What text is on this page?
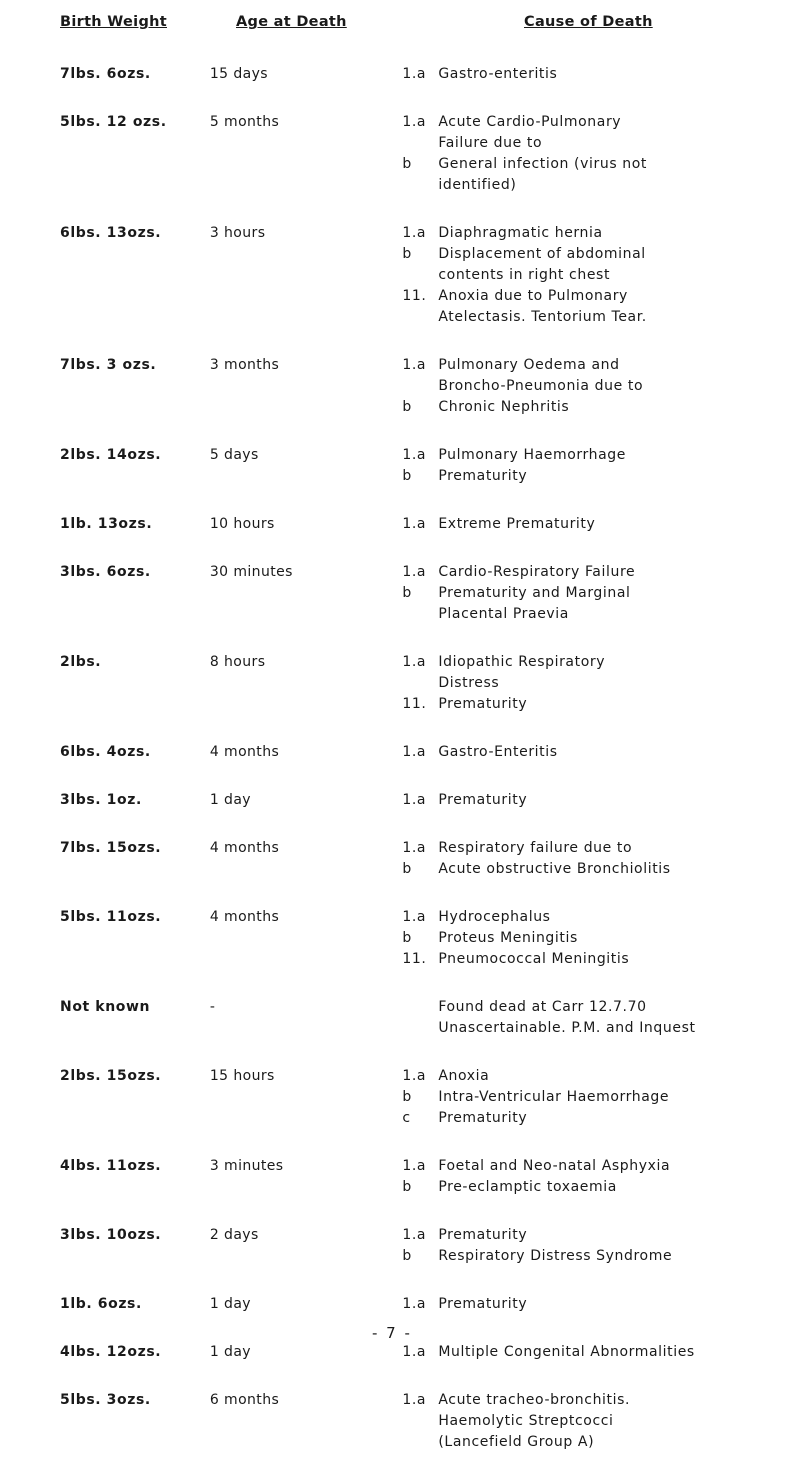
Birth Weight	Age at Death	Cause of Death
7lbs. 6ozs.	15 days	1.a Gastro-enteritis
5lbs. 12 ozs.	5 months	1.a Acute Cardio-Pulmonary
Failure due to
b	General infection (virus not
identified)
6lbs. 13ozs.	3 hours	1.a Diaphragmatic hernia
b	Displacement of abdominal
contents in right chest
11. Anoxia due to Pulmonary
Atelectasis. Tentorium Tear.
7lbs. 3 ozs.	3 months	1.a Pulmonary Oedema and
Broncho-Pneumonia due to
b	Chronic Nephritis
2lbs. 14ozs.	5 days	1.a Pulmonary Haemorrhage
b	Prematurity
1lb. 13ozs.	10 hours	1.a Extreme Prematurity
3lbs. 6ozs.	30 minutes	1.a Cardio-Respiratory Failure
b	Prematurity and Marginal
Placental Praevia
2lbs.	8 hours	1.a Idiopathic Respiratory
Distress
11. Prematurity
6lbs. 4ozs.	4 months	1.a Gastro-Enteritis
3lbs. 1oz.	1 day	1.a Prematurity
7lbs. 15ozs.	4 months	1.a Respiratory failure due to
b	Acute obstructive Bronchiolitis
5lbs. 11ozs.	4 months	1.a Hydrocephalus
b	Proteus Meningitis
11. Pneumococcal Meningitis
Not known	-	Found dead at Carr 12.7.70
Unascertainable. P.M. and Inquest
2lbs. 15ozs.	15 hours	1.a Anoxia
b	Intra-Ventricular Haemorrhage
c	Prematurity
4lbs. 11ozs.	3 minutes	1.a Foetal and Neo-natal Asphyxia
b	Pre-eclamptic toxaemia
3lbs. 10ozs.	2 days	1.a Prematurity
b	Respiratory Distress Syndrome
1lb. 6ozs.	1 day	1.a Prematurity
4lbs. 12ozs.	1 day	1.a Multiple Congenital Abnormalities
5lbs. 3ozs.	6 months	1.a Acute tracheo-bronchitis.
Haemolytic Streptcocci
(Lancefield Group A)
- 7 -
